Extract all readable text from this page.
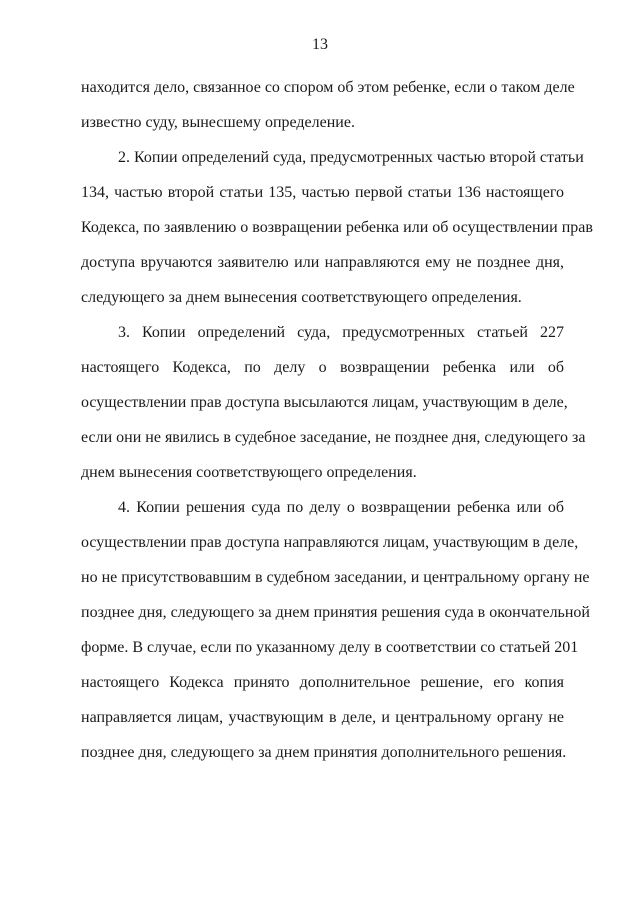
13
находится дело, связанное со спором об этом ребенке, если о таком деле
известно суду, вынесшему определение.
2. Копии определений суда, предусмотренных частью второй статьи
134, частью второй статьи 135, частью первой статьи 136 настоящего
Кодекса, по заявлению о возвращении ребенка или об осуществлении прав
доступа вручаются заявителю или направляются ему не позднее дня,
следующего за днем вынесения соответствующего определения.
3. Копии определений суда, предусмотренных статьей 227
настоящего Кодекса, по делу о возвращении ребенка или об
осуществлении прав доступа высылаются лицам, участвующим в деле,
если они не явились в судебное заседание, не позднее дня, следующего за
днем вынесения соответствующего определения.
4. Копии решения суда по делу о возвращении ребенка или об
осуществлении прав доступа направляются лицам, участвующим в деле,
но не присутствовавшим в судебном заседании, и центральному органу не
позднее дня, следующего за днем принятия решения суда в окончательной
форме. В случае, если по указанному делу в соответствии со статьей 201
настоящего Кодекса принято дополнительное решение, его копия
направляется лицам, участвующим в деле, и центральному органу не
позднее дня, следующего за днем принятия дополнительного решения.
